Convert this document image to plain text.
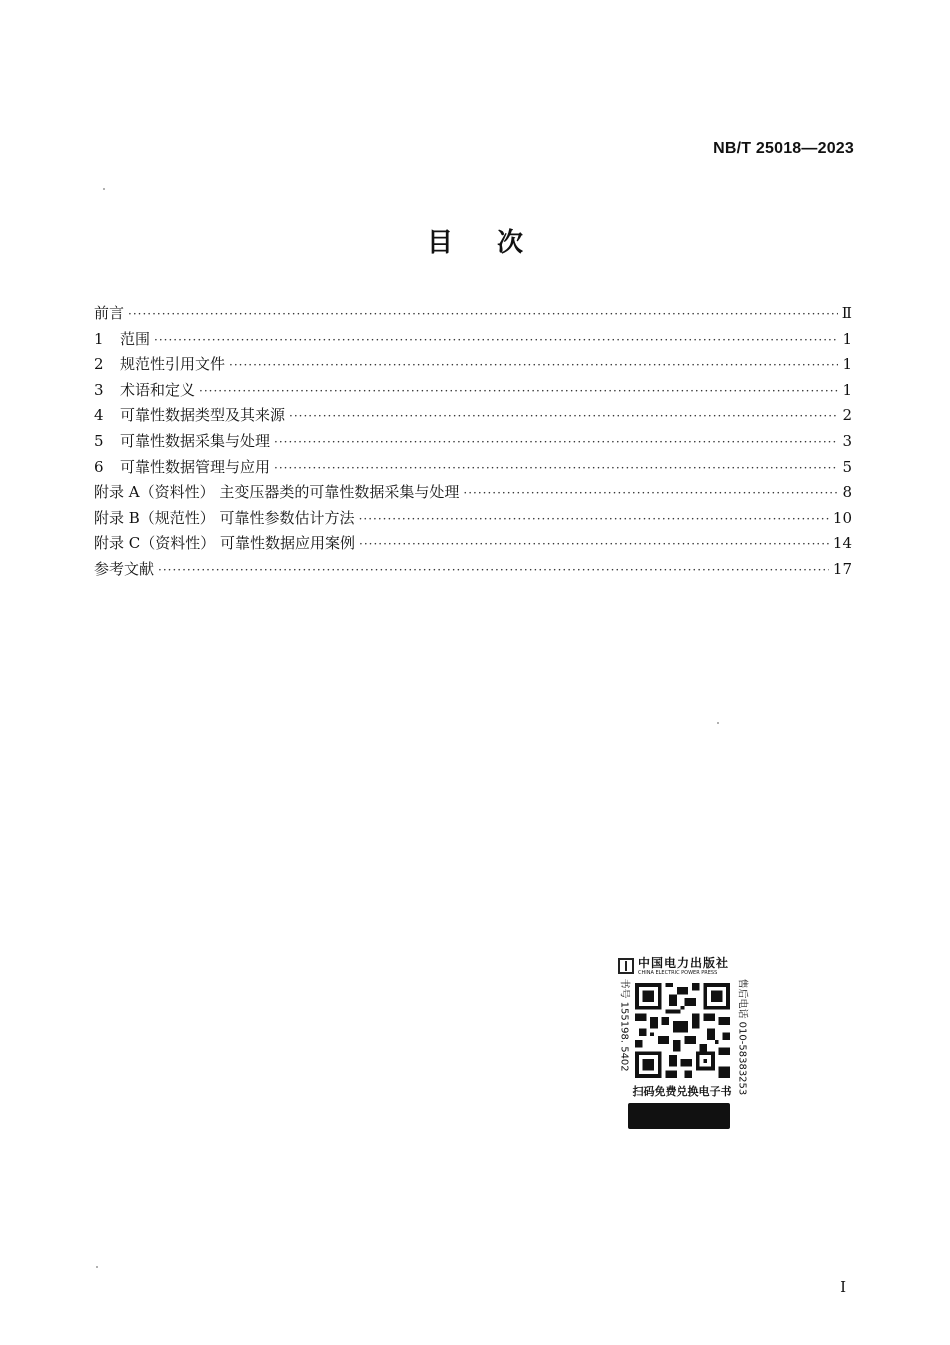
NB/T 25018—2023
目次
前言 ·····	Ⅱ
1	范围 ·····	1
2	规范性引用文件 ·····	1
3	术语和定义 ·····	1
4	可靠性数据类型及其来源 ·····	2
5	可靠性数据采集与处理 ·····	3
6	可靠性数据管理与应用 ·····	5
附录 A（资料性） 主变压器类的可靠性数据采集与处理 ·····	8
附录 B（规范性） 可靠性参数估计方法 ·····	10
附录 C（资料性） 可靠性数据应用案例 ·····	14
参考文献 ·····	17
中国电力出版社
CHINA ELECTRIC POWER PRESS
书号 155198. 5402	售后电话 010-58383253
扫码免费兑换电子书
I
